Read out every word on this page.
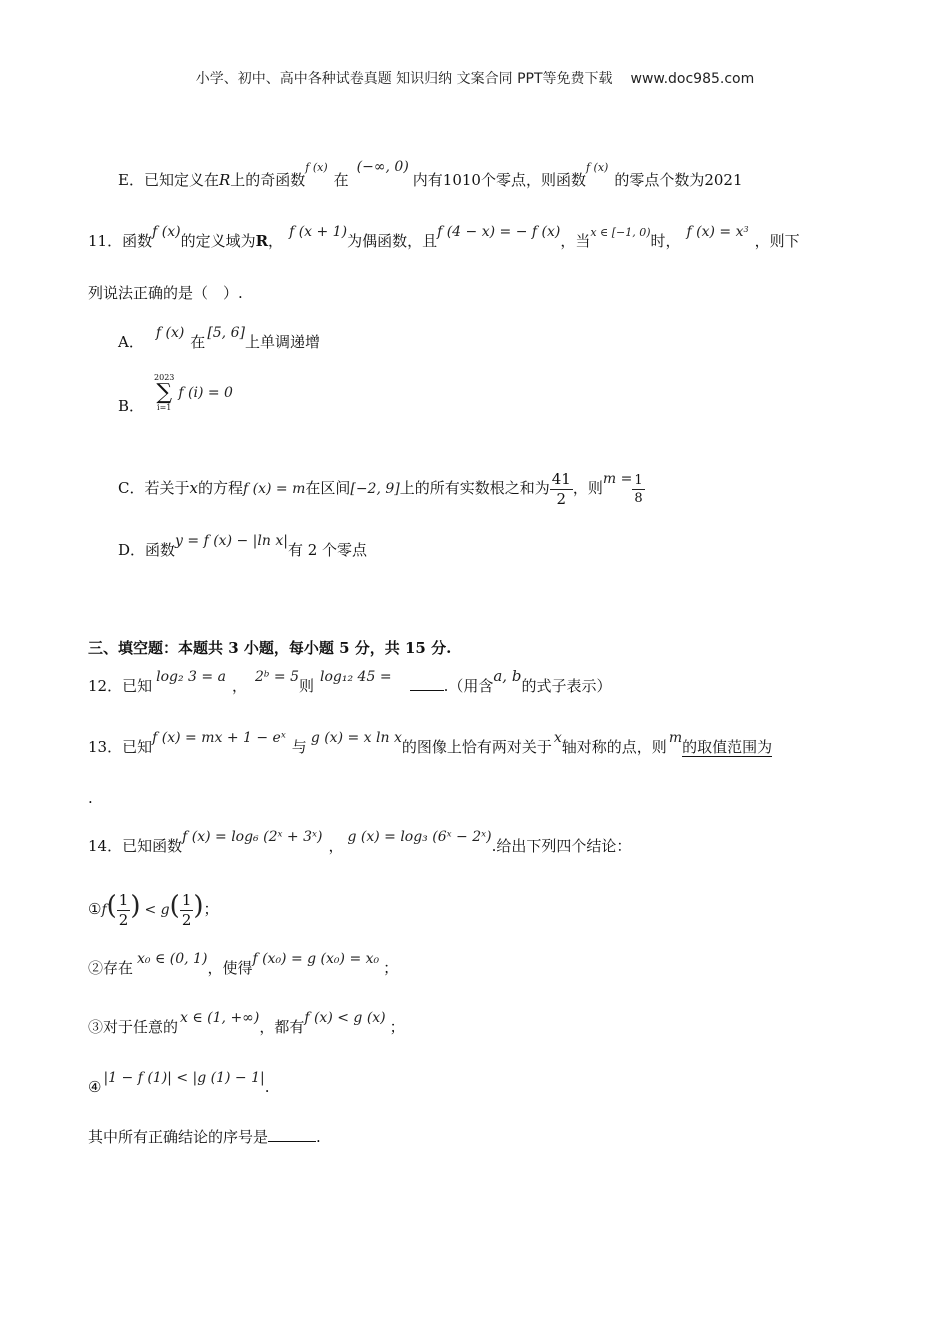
小学、初中、高中各种试卷真题 知识归纳 文案合同 PPT等免费下载 www.doc985.com
E．已知定义在R上的奇函数f (x)在(−∞, 0)内有1010个零点，则函数f (x)的零点个数为2021
11．函数f (x)的定义域为R， f (x + 1)为偶函数，且f (4 − x) = − f (x)，当x ∈ [−1, 0)时， f (x) = x3，则下
列说法正确的是（　）.
A． f (x) 在 [5, 6]上单调递增
B．
2023
∑
i=1
f (i) = 0
C．若关于x的方程f (x) = m在区间[−2, 9]上的所有实数根之和为 $\frac{41}{2}$ ，则$m = \frac{1}{8}$
D．函数y = f (x) − |ln x|有 2 个零点
三、填空题：本题共 3 小题，每小题 5 分，共 15 分.
12．已知 log₂ 3 = a ， 2ᵇ = 5则 log₁₂ 45 =	.（用含a, b的式子表示）
13．已知f (x) = mx + 1 − eˣ 与 g (x) = x ln x的图像上恰有两对关于 x轴对称的点，则 m的取值范围为
.
14．已知函数f (x) = log₆ (2ˣ + 3ˣ) ， g (x) = log₃ (6ˣ − 2ˣ).给出下列四个结论：
①f( $\frac{1}{2}$ ) < $g( \frac{1}{2}$ )；
②存在 x₀ ∈ (0, 1)，使得f (x₀) = g (x₀) = x₀ ；
③对于任意的 x ∈ (1, +∞)，都有f (x) < g (x) ；
④ |1 − f (1)| < |g (1) − 1|.
其中所有正确结论的序号是	.
